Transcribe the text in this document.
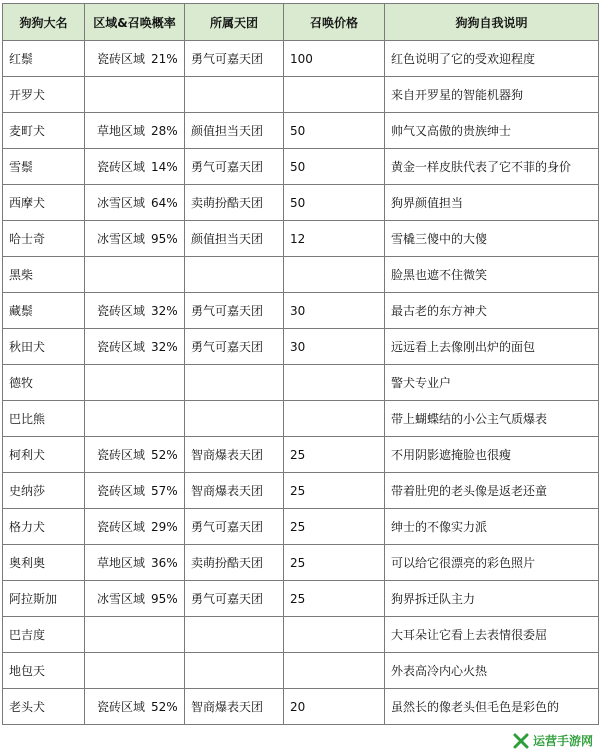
狗狗大名	区域&召唤概率	所属天团	召唤价格	狗狗自我说明
红鬃	瓷砖区域 21%	勇气可嘉天团	100	红色说明了它的受欢迎程度
开罗犬				来自开罗星的智能机器狗
麦町犬	草地区域 28%	颜值担当天团	50	帅气又高傲的贵族绅士
雪鬃	瓷砖区域 14%	勇气可嘉天团	50	黄金一样皮肤代表了它不菲的身价
西摩犬	冰雪区域 64%	卖萌扮酷天团	50	狗界颜值担当
哈士奇	冰雪区域 95%	颜值担当天团	12	雪橇三傻中的大傻
黑柴				脸黑也遮不住微笑
藏鬃	瓷砖区域 32%	勇气可嘉天团	30	最古老的东方神犬
秋田犬	瓷砖区域 32%	勇气可嘉天团	30	远远看上去像刚出炉的面包
德牧				警犬专业户
巴比熊				带上蝴蝶结的小公主气质爆表
柯利犬	瓷砖区域 52%	智商爆表天团	25	不用阴影遮掩脸也很瘦
史纳莎	瓷砖区域 57%	智商爆表天团	25	带着肚兜的老头像是返老还童
格力犬	瓷砖区域 29%	勇气可嘉天团	25	绅士的不像实力派
奥利奥	草地区域 36%	卖萌扮酷天团	25	可以给它很漂亮的彩色照片
阿拉斯加	冰雪区域 95%	勇气可嘉天团	25	狗界拆迁队主力
巴吉度				大耳朵让它看上去表情很委屈
地包天				外表高冷内心火热
老头犬	瓷砖区域 52%	智商爆表天团	20	虽然长的像老头但毛色是彩色的
运营手游网
